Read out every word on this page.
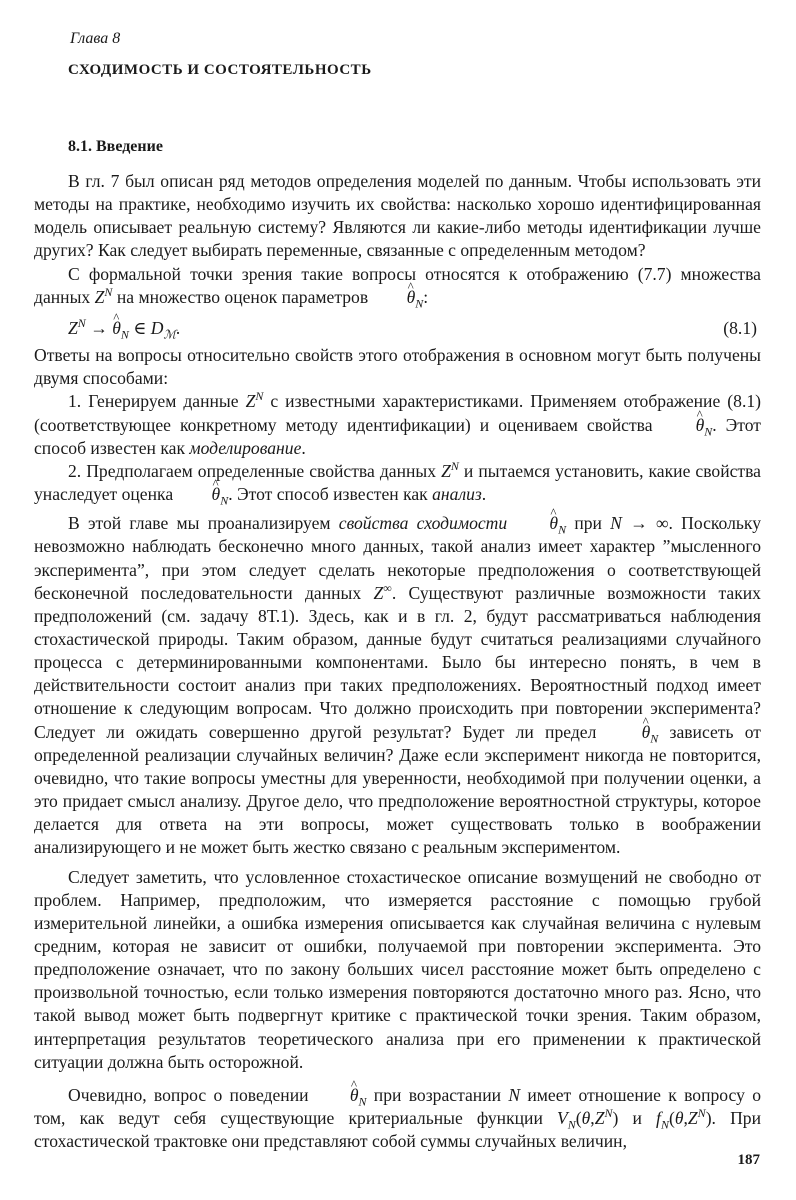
Глава 8
СХОДИМОСТЬ И СОСТОЯТЕЛЬНОСТЬ
8.1. Введение

В гл. 7 был описан ряд методов определения моделей по данным. Чтобы использовать эти методы на практике, необходимо изучить их свойства: насколько хорошо идентифицированная модель описывает реальную систему? Являются ли какие-либо методы идентификации лучше других? Как следует выбирать переменные, связанные с определенным методом?

С формальной точки зрения такие вопросы относятся к отображению (7.7) множества данных $Z^N$ на множество оценок параметров ^ $\theta_N$:

$Z^N$ → ^ $\theta_N$ ∈ $D_ℳ$.	(8.1)

Ответы на вопросы относительно свойств этого отображения в основном могут быть получены двумя способами:

1. Генерируем данные $Z^N$ с известными характеристиками. Применяем отображение (8.1) (соответствующее конкретному методу идентификации) и оцениваем свойства ^ $\theta_N$. Этот способ известен как моделирование.

2. Предполагаем определенные свойства данных $Z^N$ и пытаемся установить, какие свойства унаследует оценка ^ $\theta_N$. Этот способ известен как анализ.

В этой главе мы проанализируем свойства сходимости ^ $\theta_N$ при N → ∞. Поскольку невозможно наблюдать бесконечно много данных, такой анализ имеет характер ”мысленного эксперимента”, при этом следует сделать некоторые предположения о соответствующей бесконечной последовательности данных Z∞. Существуют различные возможности таких предположений (см. задачу 8Т.1). Здесь, как и в гл. 2, будут рассматриваться наблюдения стохастической природы. Таким образом, данные будут считаться реализациями случайного процесса с детерминированными компонентами. Было бы интересно понять, в чем в действительности состоит анализ при таких предположениях. Вероятностный подход имеет отношение к следующим вопросам. Что должно происходить при повторении эксперимента? Следует ли ожидать совершенно другой результат? Будет ли предел ^ $\theta_N$ зависеть от определенной реализации случайных величин? Даже если эксперимент никогда не повторится, очевидно, что такие вопросы уместны для уверенности, необходимой при получении оценки, а это придает смысл анализу. Другое дело, что предположение вероятностной структуры, которое делается для ответа на эти вопросы, может существовать только в воображении анализирующего и не может быть жестко связано с реальным экспериментом.

Следует заметить, что условленное стохастическое описание возмущений не свободно от проблем. Например, предположим, что измеряется расстояние с помощью грубой измерительной линейки, а ошибка измерения описывается как случайная величина с нулевым средним, которая не зависит от ошибки, получаемой при повторении эксперимента. Это предположение означает, что по закону больших чисел расстояние может быть определено с произвольной точностью, если только измерения повторяются достаточно много раз. Ясно, что такой вывод может быть подвергнут критике с практической точки зрения. Таким образом, интерпретация результатов теоретического анализа при его применении к практической ситуации должна быть осторожной.

Очевидно, вопрос о поведении ^ $\theta_N$ при возрастании N имеет отношение к вопросу о том, как ведут себя существующие критериальные функции $V_N(\theta,Z^N)$ и $f_N(\theta,Z^N)$. При стохастической трактовке они представляют собой суммы случайных величин,

187
